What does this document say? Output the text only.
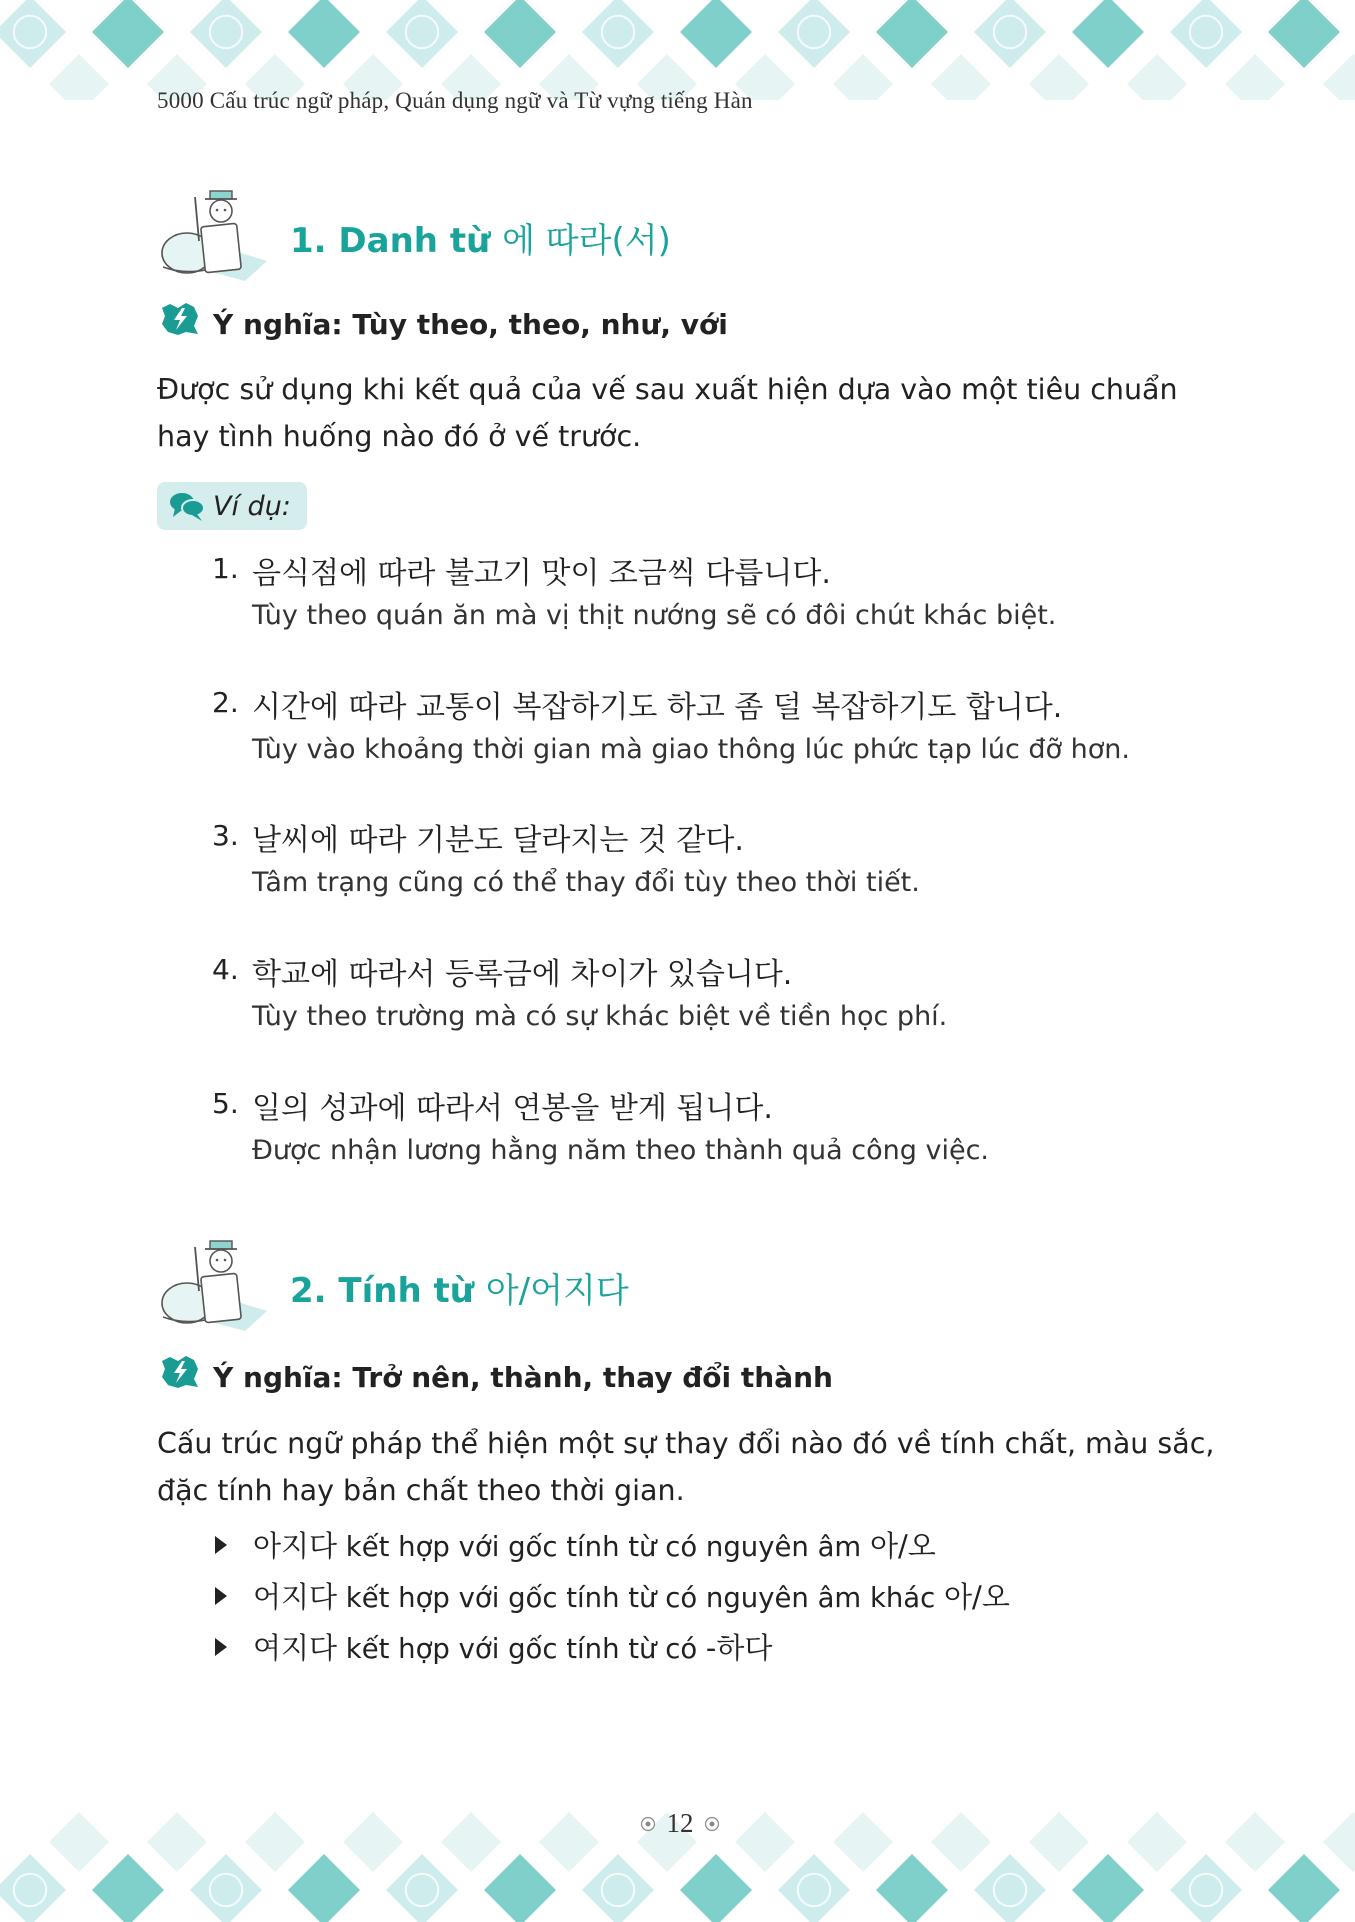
5000 Cấu trúc ngữ pháp, Quán dụng ngữ và Từ vựng tiếng Hàn
1. Danh từ 에 따라(서)
Ý nghĩa: Tùy theo, theo, như, với
Được sử dụng khi kết quả của vế sau xuất hiện dựa vào một tiêu chuẩn hay tình huống nào đó ở vế trước.
Ví dụ:
1. 음식점에 따라 불고기 맛이 조금씩 다릅니다.
Tùy theo quán ăn mà vị thịt nướng sẽ có đôi chút khác biệt.
2. 시간에 따라 교통이 복잡하기도 하고 좀 덜 복잡하기도 합니다.
Tùy vào khoảng thời gian mà giao thông lúc phức tạp lúc đỡ hơn.
3. 날씨에 따라 기분도 달라지는 것 같다.
Tâm trạng cũng có thể thay đổi tùy theo thời tiết.
4. 학교에 따라서 등록금에 차이가 있습니다.
Tùy theo trường mà có sự khác biệt về tiền học phí.
5. 일의 성과에 따라서 연봉을 받게 됩니다.
Được nhận lương hằng năm theo thành quả công việc.
2. Tính từ 아/어지다
Ý nghĩa: Trở nên, thành, thay đổi thành
Cấu trúc ngữ pháp thể hiện một sự thay đổi nào đó về tính chất, màu sắc, đặc tính hay bản chất theo thời gian.
아지다 kết hợp với gốc tính từ có nguyên âm 아/오
어지다 kết hợp với gốc tính từ có nguyên âm khác 아/오
여지다 kết hợp với gốc tính từ có -하다
12
